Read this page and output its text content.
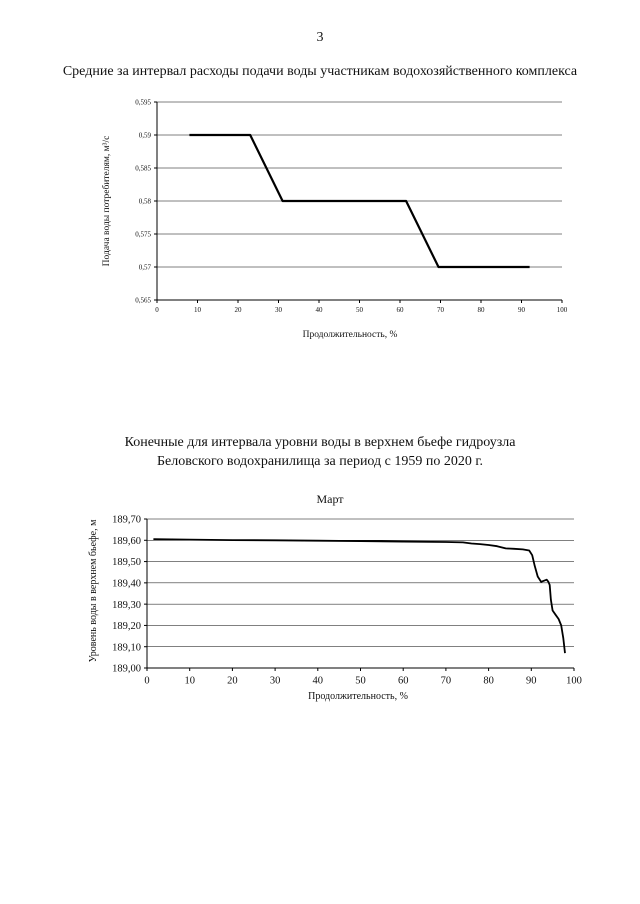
3
Средние за интервал расходы подачи воды участникам водохозяйственного комплекса
0,595
0,59
0,585
0,58
0,575
0,57
0,565
0	10	20	30	40	50	60	70	80	90	100
Продолжительность, %
Подача воды потребителям, м³/с
Конечные для интервала уровни воды в верхнем бьефе гидроузла
Беловского водохранилища за период с 1959 по 2020 г.
Март
189,70
189,60
189,50
189,40
189,30
189,20
189,10
189,00
0	10	20	30	40	50	60	70	80	90	100
Продолжительность, %
Уровень воды в верхнем бьефе, м
